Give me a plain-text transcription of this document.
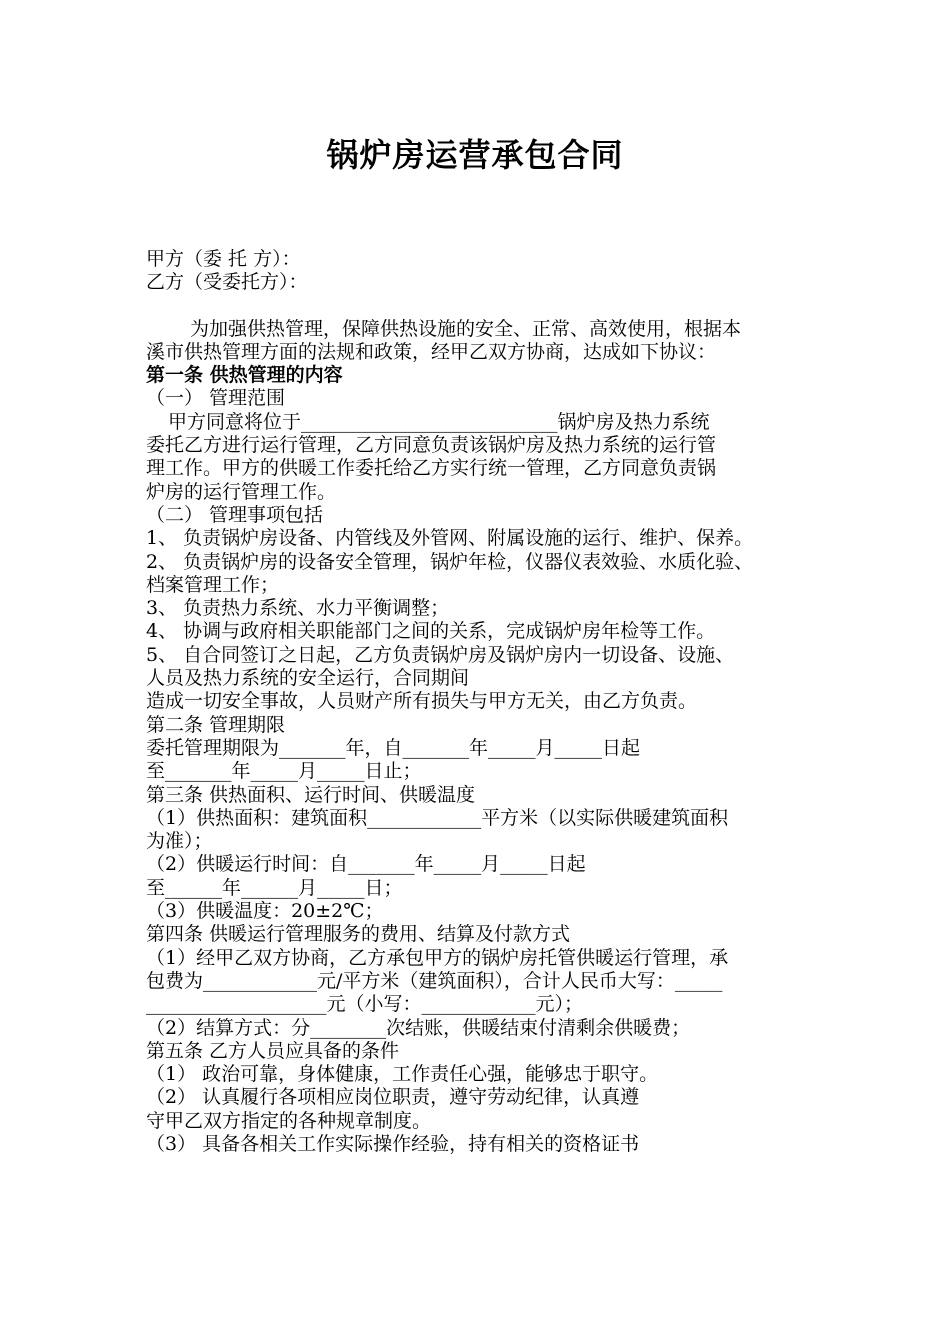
锅炉房运营承包合同
甲方（委 托 方）：
乙方（受委托方）：
为加强供热管理，保障供热设施的安全、正常、高效使用，根据本
溪市供热管理方面的法规和政策，经甲乙双方协商，达成如下协议：
第一条 供热管理的内容
（一） 管理范围
甲方同意将位于___________________________锅炉房及热力系统
委托乙方进行运行管理，乙方同意负责该锅炉房及热力系统的运行管
理工作。甲方的供暖工作委托给乙方实行统一管理，乙方同意负责锅
炉房的运行管理工作。
（二） 管理事项包括
1、 负责锅炉房设备、内管线及外管网、附属设施的运行、维护、保养。
2、 负责锅炉房的设备安全管理，锅炉年检，仪器仪表效验、水质化验、
档案管理工作；
3、 负责热力系统、水力平衡调整；
4、 协调与政府相关职能部门之间的关系，完成锅炉房年检等工作。
5、 自合同签订之日起，乙方负责锅炉房及锅炉房内一切设备、设施、
人员及热力系统的安全运行，合同期间
造成一切安全事故，人员财产所有损失与甲方无关，由乙方负责。
第二条 管理期限
委托管理期限为_______年，自_______年_____月_____日起
至_______年_____月_____日止；
第三条 供热面积、运行时间、供暖温度
（1）供热面积：建筑面积____________平方米（以实际供暖建筑面积
为准）；
（2）供暖运行时间：自_______年_____月_____日起
至______年______月_____日；
（3）供暖温度：20±2℃；
第四条 供暖运行管理服务的费用、结算及付款方式
（1）经甲乙双方协商，乙方承包甲方的锅炉房托管供暖运行管理，承
包费为____________元/平方米（建筑面积），合计人民币大写：_____
___________________元（小写：____________元）；
（2）结算方式：分________次结账，供暖结束付清剩余供暖费；
第五条 乙方人员应具备的条件
（1） 政治可靠，身体健康，工作责任心强，能够忠于职守。
（2） 认真履行各项相应岗位职责，遵守劳动纪律，认真遵
守甲乙双方指定的各种规章制度。
（3） 具备各相关工作实际操作经验，持有相关的资格证书
